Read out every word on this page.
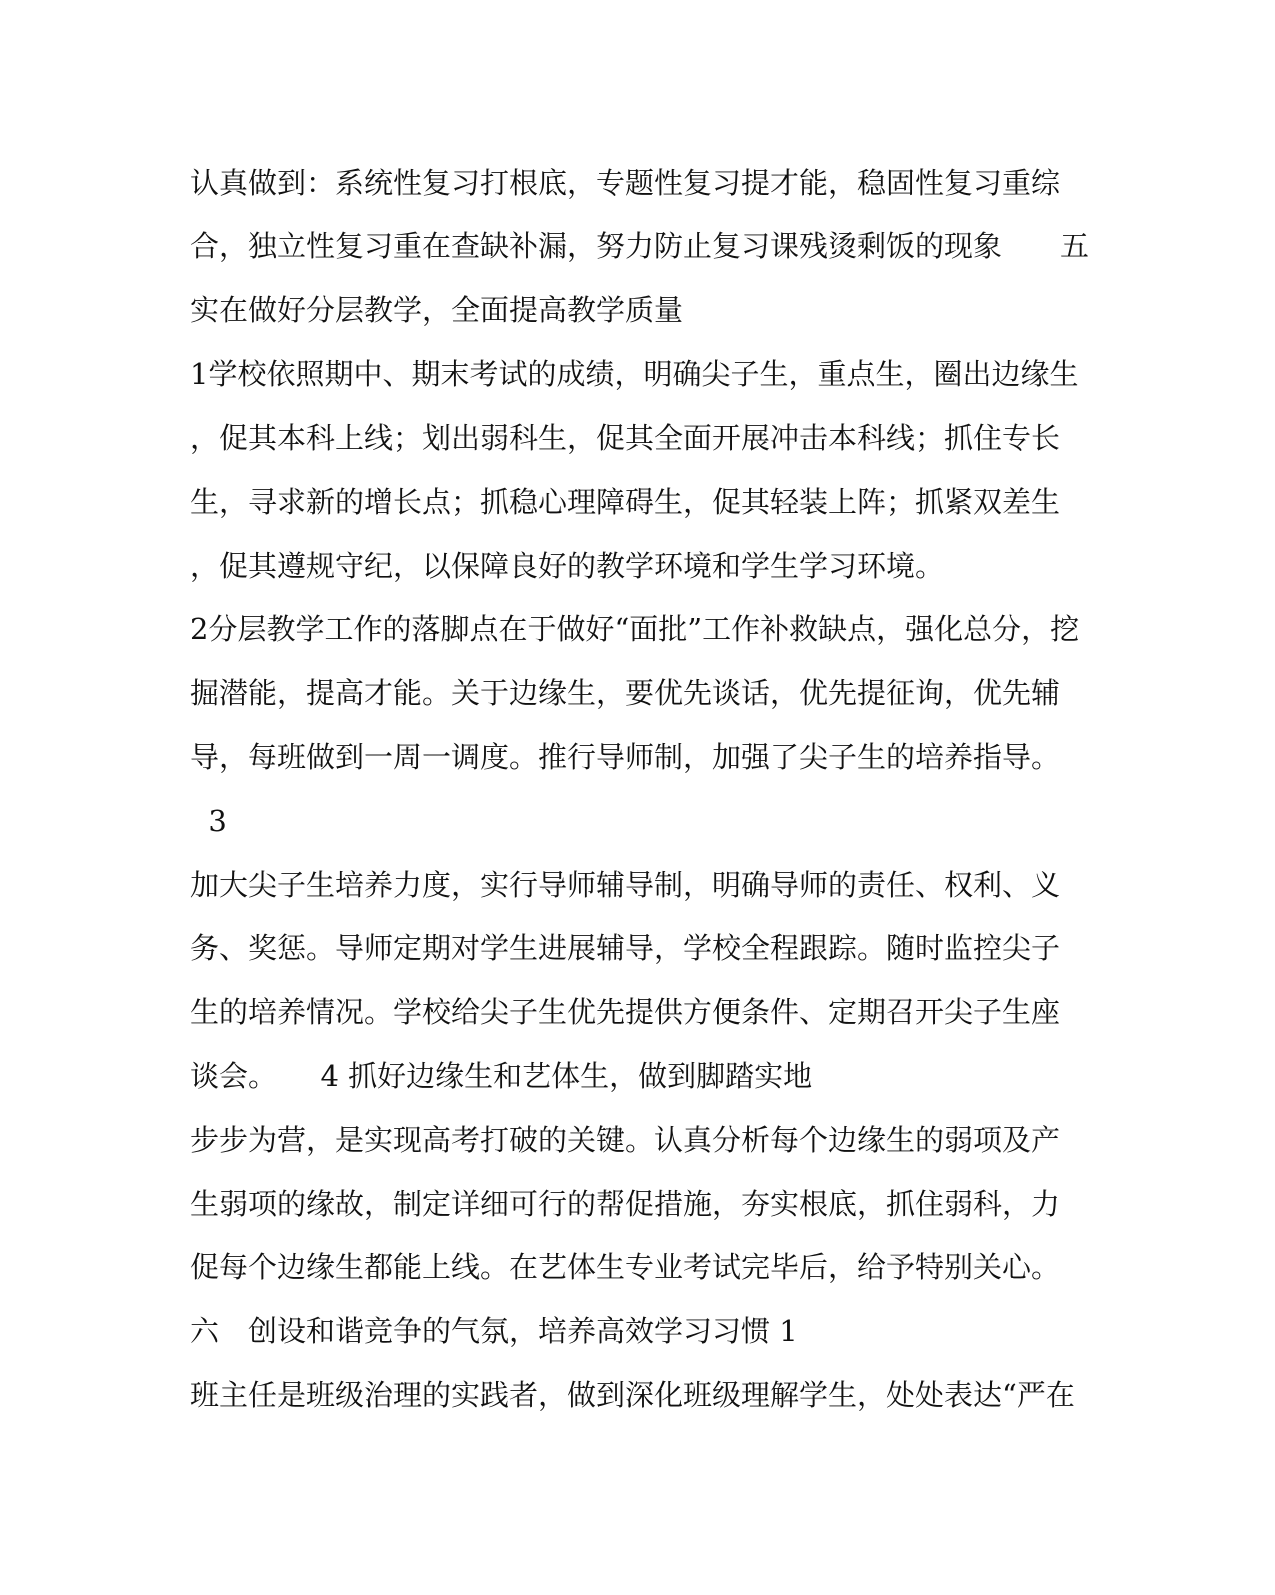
认真做到：系统性复习打根底，专题性复习提才能，稳固性复习重综
合，独立性复习重在查缺补漏，努力防止复习课残烫剩饭的现象　　五
实在做好分层教学，全面提高教学质量
1学校依照期中、期末考试的成绩，明确尖子生，重点生，圈出边缘生
，促其本科上线；划出弱科生，促其全面开展冲击本科线；抓住专长
生，寻求新的增长点；抓稳心理障碍生，促其轻装上阵；抓紧双差生
，促其遵规守纪，以保障良好的教学环境和学生学习环境。
2分层教学工作的落脚点在于做好“面批”工作补救缺点，强化总分，挖
掘潜能，提高才能。关于边缘生，要优先谈话，优先提征询，优先辅
导，每班做到一周一调度。推行导师制，加强了尖子生的培养指导。
3
加大尖子生培养力度，实行导师辅导制，明确导师的责任、权利、义
务、奖惩。导师定期对学生进展辅导，学校全程跟踪。随时监控尖子
生的培养情况。学校给尖子生优先提供方便条件、定期召开尖子生座
谈会。　　4 抓好边缘生和艺体生，做到脚踏实地
步步为营，是实现高考打破的关键。认真分析每个边缘生的弱项及产
生弱项的缘故，制定详细可行的帮促措施，夯实根底，抓住弱科，力
促每个边缘生都能上线。在艺体生专业考试完毕后，给予特别关心。
六　创设和谐竞争的气氛，培养高效学习习惯 1
班主任是班级治理的实践者，做到深化班级理解学生，处处表达“严在
